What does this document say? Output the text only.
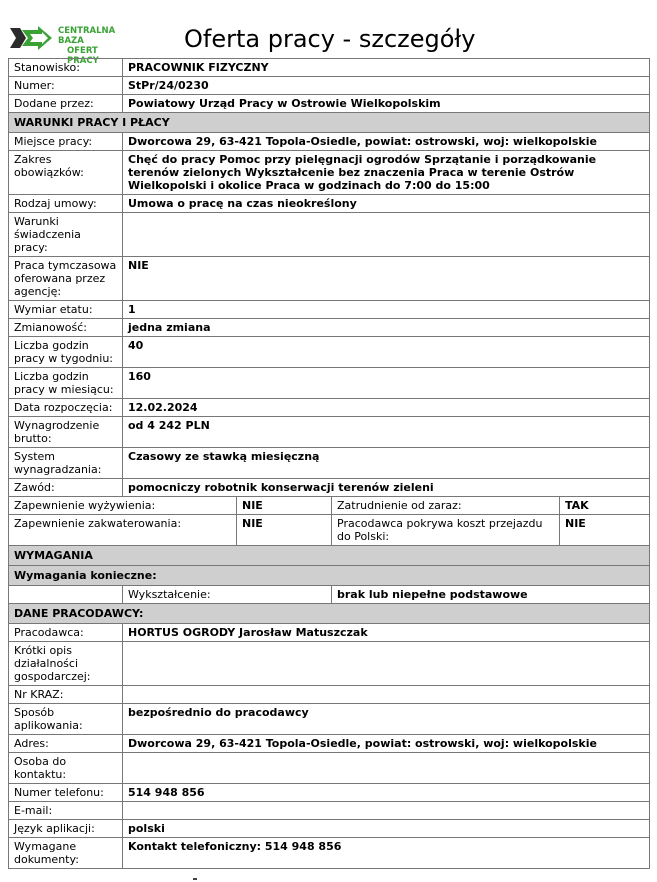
CENTRALNA BAZA
OFERT PRACY
Oferta pracy - szczegóły
Stanowisko:	PRACOWNIK FIZYCZNY			
Numer:	StPr/24/0230			
Dodane przez:	Powiatowy Urząd Pracy w Ostrowie Wielkopolskim			
WARUNKI PRACY I PŁACY				
Miejsce pracy:	Dworcowa 29, 63-421 Topola-Osiedle, powiat: ostrowski, woj: wielkopolskie			
Zakres obowiązków:	Chęć do pracy Pomoc przy pielęgnacji ogrodów Sprzątanie i porządkowanie terenów zielonych Wykształcenie bez znaczenia Praca w terenie Ostrów Wielkopolski i okolice Praca w godzinach do 7:00 do 15:00			
Rodzaj umowy:	Umowa o pracę na czas nieokreślony			
Warunki świadczenia pracy:				
Praca tymczasowa oferowana przez agencję:	NIE			
Wymiar etatu:	1			
Zmianowość:	jedna zmiana			
Liczba godzin pracy w tygodniu:	40			
Liczba godzin pracy w miesiącu:	160			
Data rozpoczęcia:	12.02.2024			
Wynagrodzenie brutto:	od 4 242 PLN			
System wynagradzania:	Czasowy ze stawką miesięczną			
Zawód:	pomocniczy robotnik konserwacji terenów zieleni			
Zapewnienie wyżywienia:		NIE	Zatrudnienie od zaraz:	TAK
Zapewnienie zakwaterowania:		NIE	Pracodawca pokrywa koszt przejazdu do Polski:	NIE
WYMAGANIA				
Wymagania konieczne:				
	Wykształcenie:		brak lub niepełne podstawowe	
DANE PRACODAWCY:				
Pracodawca:	HORTUS OGRODY Jarosław Matuszczak			
Krótki opis działalności gospodarczej:				
Nr KRAZ:				
Sposób aplikowania:	bezpośrednio do pracodawcy			
Adres:	Dworcowa 29, 63-421 Topola-Osiedle, powiat: ostrowski, woj: wielkopolskie			
Osoba do kontaktu:				
Numer telefonu:	514 948 856			
E-mail:				
Język aplikacji:	polski			
Wymagane dokumenty:	Kontakt telefoniczny: 514 948 856			
